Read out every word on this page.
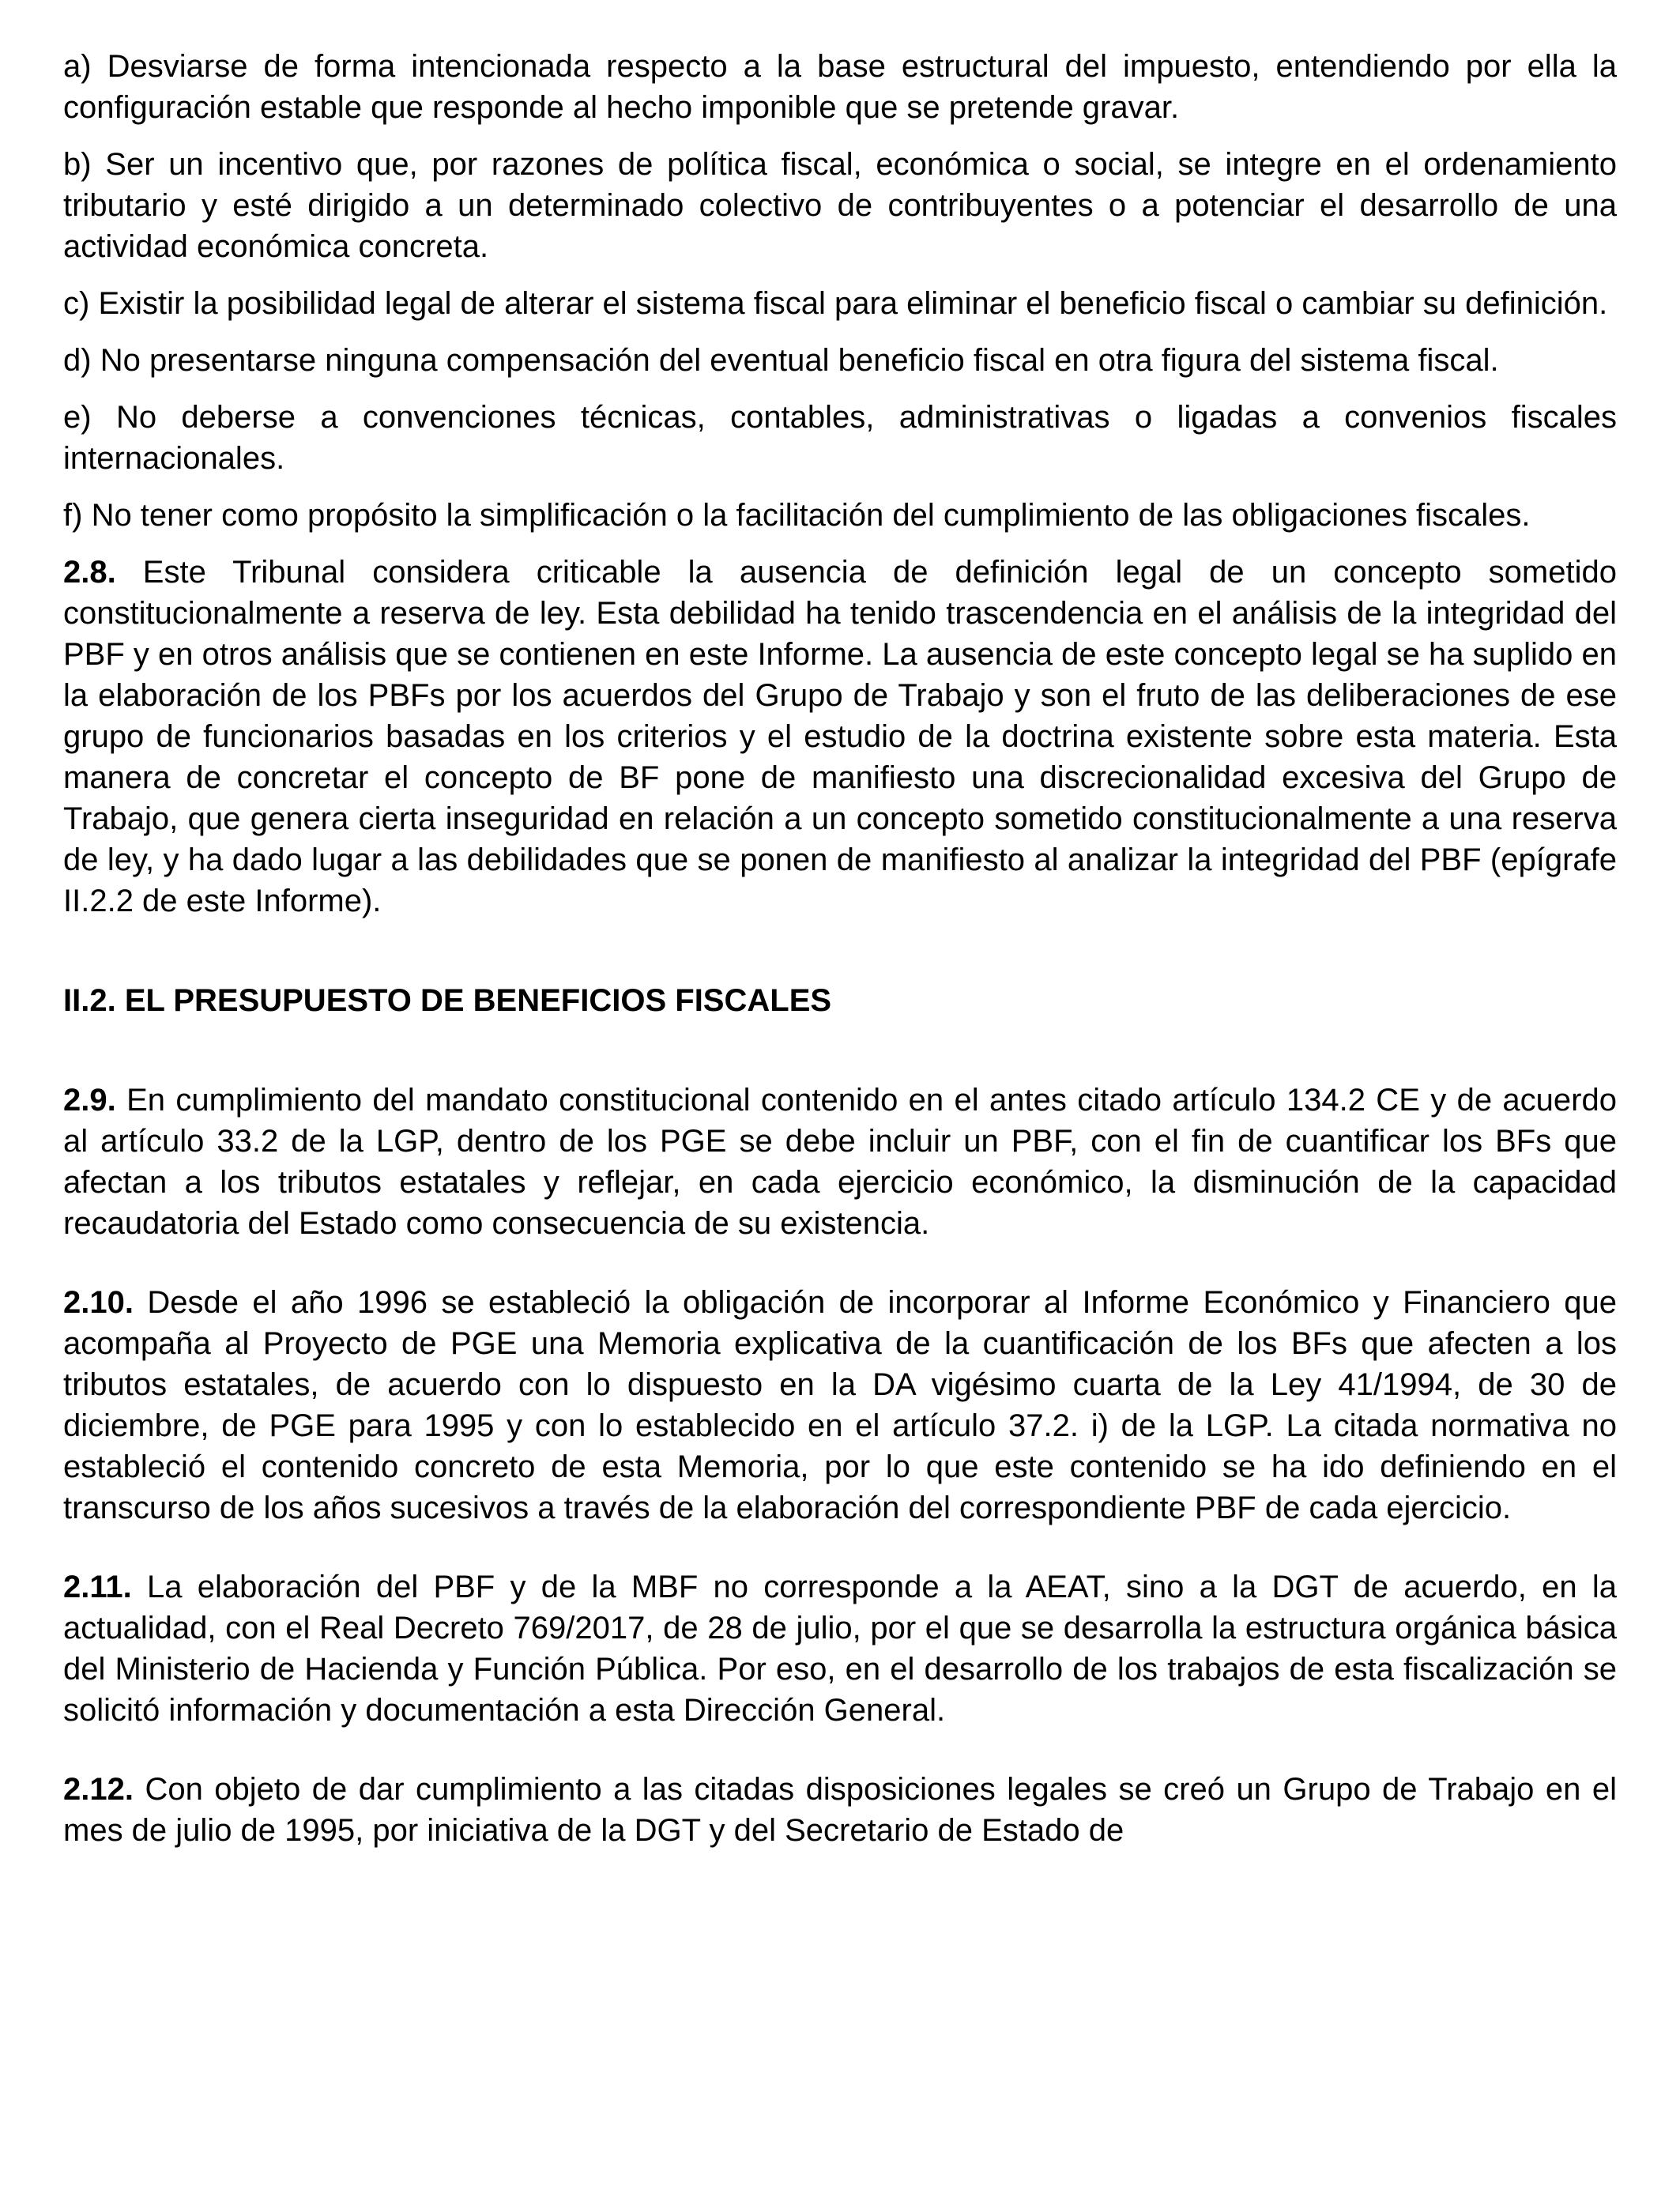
a) Desviarse de forma intencionada respecto a la base estructural del impuesto, entendiendo por ella la configuración estable que responde al hecho imponible que se pretende gravar.

b) Ser un incentivo que, por razones de política fiscal, económica o social, se integre en el ordenamiento tributario y esté dirigido a un determinado colectivo de contribuyentes o a potenciar el desarrollo de una actividad económica concreta.

c) Existir la posibilidad legal de alterar el sistema fiscal para eliminar el beneficio fiscal o cambiar su definición.

d) No presentarse ninguna compensación del eventual beneficio fiscal en otra figura del sistema fiscal.

e) No deberse a convenciones técnicas, contables, administrativas o ligadas a convenios fiscales internacionales.

f) No tener como propósito la simplificación o la facilitación del cumplimiento de las obligaciones fiscales.

2.8. Este Tribunal considera criticable la ausencia de definición legal de un concepto sometido constitucionalmente a reserva de ley. Esta debilidad ha tenido trascendencia en el análisis de la integridad del PBF y en otros análisis que se contienen en este Informe. La ausencia de este concepto legal se ha suplido en la elaboración de los PBFs por los acuerdos del Grupo de Trabajo y son el fruto de las deliberaciones de ese grupo de funcionarios basadas en los criterios y el estudio de la doctrina existente sobre esta materia. Esta manera de concretar el concepto de BF pone de manifiesto una discrecionalidad excesiva del Grupo de Trabajo, que genera cierta inseguridad en relación a un concepto sometido constitucionalmente a una reserva de ley, y ha dado lugar a las debilidades que se ponen de manifiesto al analizar la integridad del PBF (epígrafe II.2.2 de este Informe).

II.2. EL PRESUPUESTO DE BENEFICIOS FISCALES

2.9. En cumplimiento del mandato constitucional contenido en el antes citado artículo 134.2 CE y de acuerdo al artículo 33.2 de la LGP, dentro de los PGE se debe incluir un PBF, con el fin de cuantificar los BFs que afectan a los tributos estatales y reflejar, en cada ejercicio económico, la disminución de la capacidad recaudatoria del Estado como consecuencia de su existencia.

2.10. Desde el año 1996 se estableció la obligación de incorporar al Informe Económico y Financiero que acompaña al Proyecto de PGE una Memoria explicativa de la cuantificación de los BFs que afecten a los tributos estatales, de acuerdo con lo dispuesto en la DA vigésimo cuarta de la Ley 41/1994, de 30 de diciembre, de PGE para 1995 y con lo establecido en el artículo 37.2. i) de la LGP. La citada normativa no estableció el contenido concreto de esta Memoria, por lo que este contenido se ha ido definiendo en el transcurso de los años sucesivos a través de la elaboración del correspondiente PBF de cada ejercicio.

2.11. La elaboración del PBF y de la MBF no corresponde a la AEAT, sino a la DGT de acuerdo, en la actualidad, con el Real Decreto 769/2017, de 28 de julio, por el que se desarrolla la estructura orgánica básica del Ministerio de Hacienda y Función Pública. Por eso, en el desarrollo de los trabajos de esta fiscalización se solicitó información y documentación a esta Dirección General.

2.12. Con objeto de dar cumplimiento a las citadas disposiciones legales se creó un Grupo de Trabajo en el mes de julio de 1995, por iniciativa de la DGT y del Secretario de Estado de
